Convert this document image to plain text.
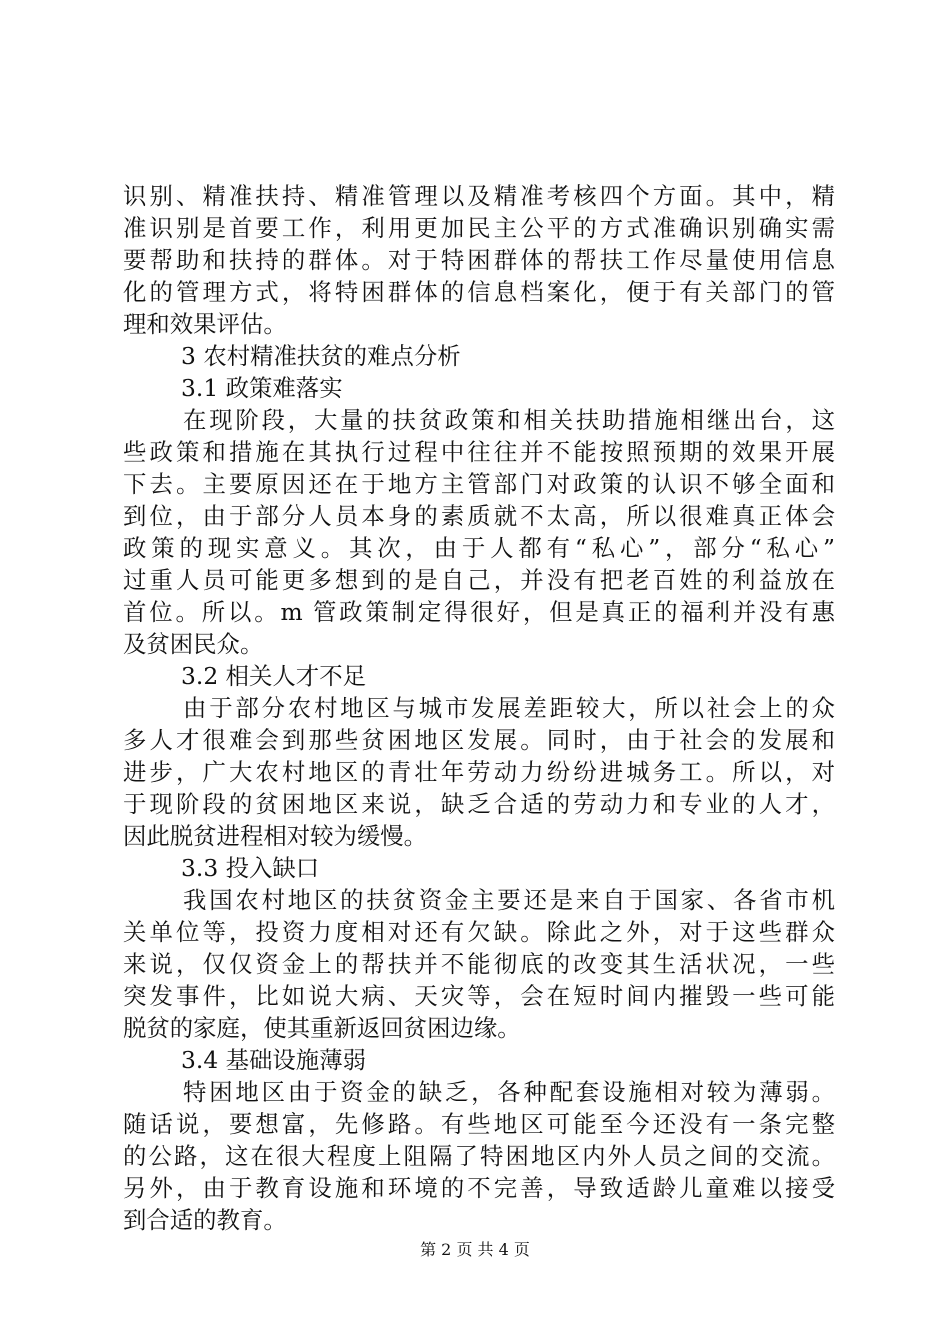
识别、精准扶持、精准管理以及精准考核四个方面。其中，精
准识别是首要工作，利用更加民主公平的方式准确识别确实需
要帮助和扶持的群体。对于特困群体的帮扶工作尽量使用信息
化的管理方式，将特困群体的信息档案化，便于有关部门的管
理和效果评估。
3 农村精准扶贫的难点分析
3.1 政策难落实
在现阶段，大量的扶贫政策和相关扶助措施相继出台，这
些政策和措施在其执行过程中往往并不能按照预期的效果开展
下去。主要原因还在于地方主管部门对政策的认识不够全面和
到位，由于部分人员本身的素质就不太高，所以很难真正体会
政策的现实意义。其次，由于人都有“私心”，部分“私心”
过重人员可能更多想到的是自己，并没有把老百姓的利益放在
首位。所以。m 管政策制定得很好，但是真正的福利并没有惠
及贫困民众。
3.2 相关人才不足
由于部分农村地区与城市发展差距较大，所以社会上的众
多人才很难会到那些贫困地区发展。同时，由于社会的发展和
进步，广大农村地区的青壮年劳动力纷纷进城务工。所以，对
于现阶段的贫困地区来说，缺乏合适的劳动力和专业的人才，
因此脱贫进程相对较为缓慢。
3.3 投入缺口
我国农村地区的扶贫资金主要还是来自于国家、各省市机
关单位等，投资力度相对还有欠缺。除此之外，对于这些群众
来说，仅仅资金上的帮扶并不能彻底的改变其生活状况，一些
突发事件，比如说大病、天灾等，会在短时间内摧毁一些可能
脱贫的家庭，使其重新返回贫困边缘。
3.4 基础设施薄弱
特困地区由于资金的缺乏，各种配套设施相对较为薄弱。
随话说，要想富，先修路。有些地区可能至今还没有一条完整
的公路，这在很大程度上阻隔了特困地区内外人员之间的交流。
另外，由于教育设施和环境的不完善，导致适龄儿童难以接受
到合适的教育。
第 2 页 共 4 页
